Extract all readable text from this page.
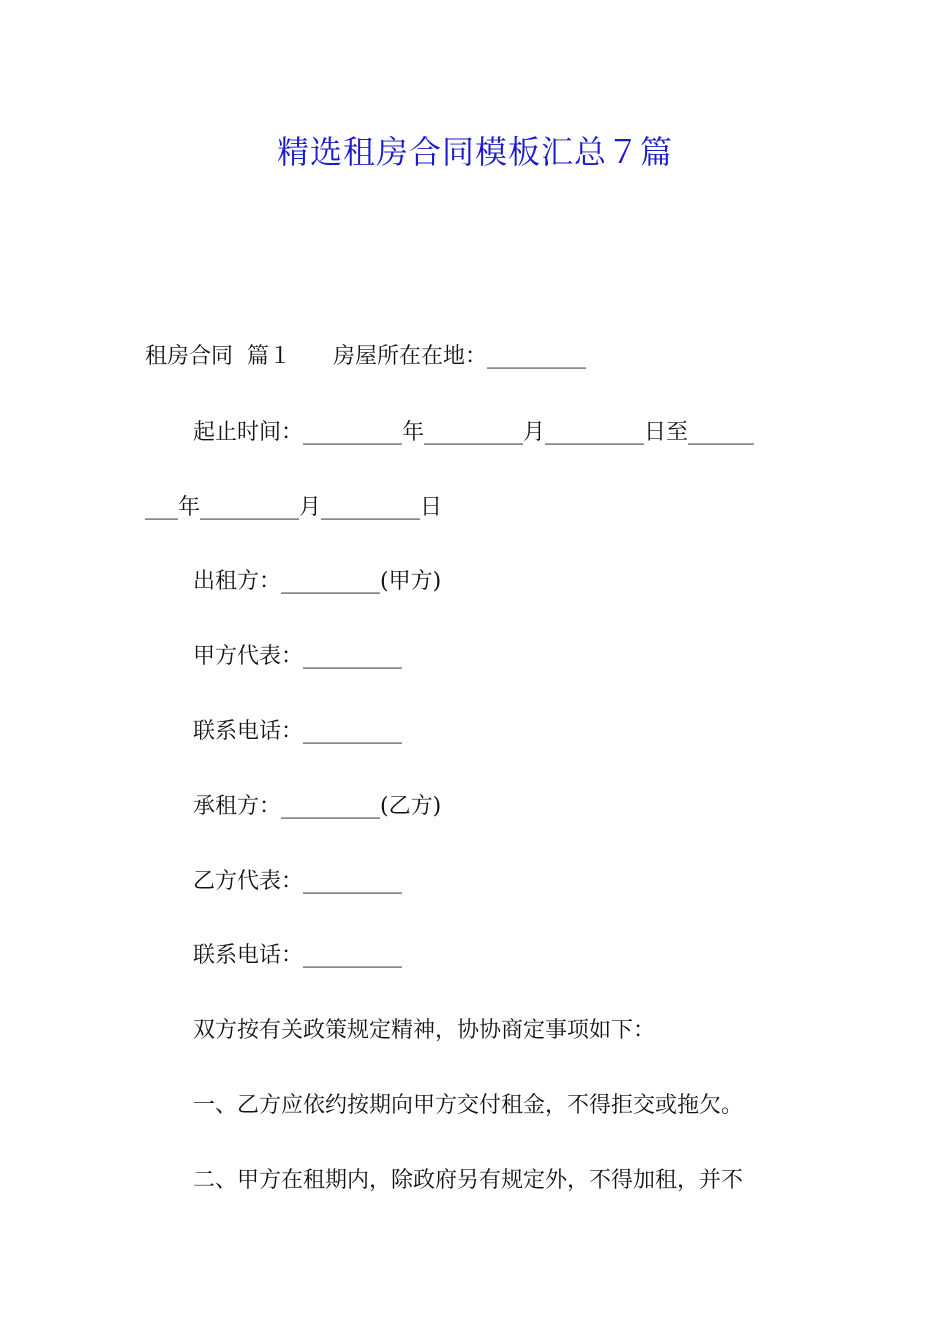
精选租房合同模板汇总７篇
租房合同  篇１      房屋所在在地：_________
起止时间：_________年_________月_________日至______
___年_________月_________日
出租方：_________(甲方)
甲方代表：_________
联系电话：_________
承租方：_________(乙方)
乙方代表：_________
联系电话：_________
双方按有关政策规定精神，协协商定事项如下：
一、乙方应依约按期向甲方交付租金，不得拒交或拖欠。
二、甲方在租期内，除政府另有规定外，不得加租，并不
